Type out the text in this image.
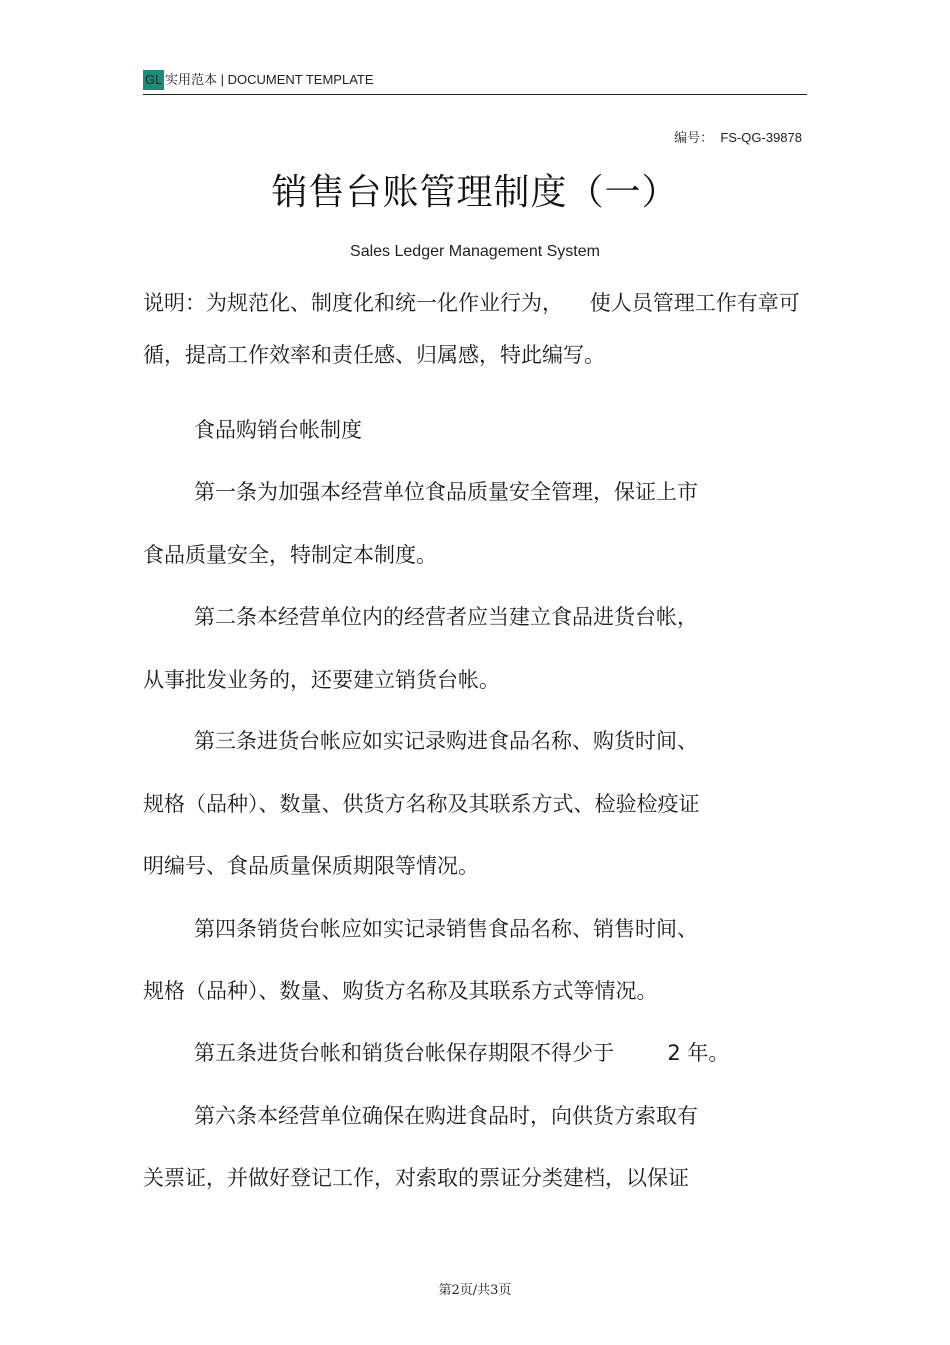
GL 实用范本 | DOCUMENT TEMPLATE
编号：  FS-QG-39878
销售台账管理制度（一）
Sales Ledger Management System
说明：为规范化、制度化和统一化作业行为，    使人员管理工作有章可
循，提高工作效率和责任感、归属感，特此编写。
食品购销台帐制度
第一条为加强本经营单位食品质量安全管理，保证上市
食品质量安全，特制定本制度。
第二条本经营单位内的经营者应当建立食品进货台帐，
从事批发业务的，还要建立销货台帐。
第三条进货台帐应如实记录购进食品名称、购货时间、
规格（品种）、数量、供货方名称及其联系方式、检验检疫证
明编号、食品质量保质期限等情况。
第四条销货台帐应如实记录销售食品名称、销售时间、
规格（品种）、数量、购货方名称及其联系方式等情况。
第五条进货台帐和销货台帐保存期限不得少于        2 年。
第六条本经营单位确保在购进食品时，向供货方索取有
关票证，并做好登记工作，对索取的票证分类建档，以保证
第2页/共3页
